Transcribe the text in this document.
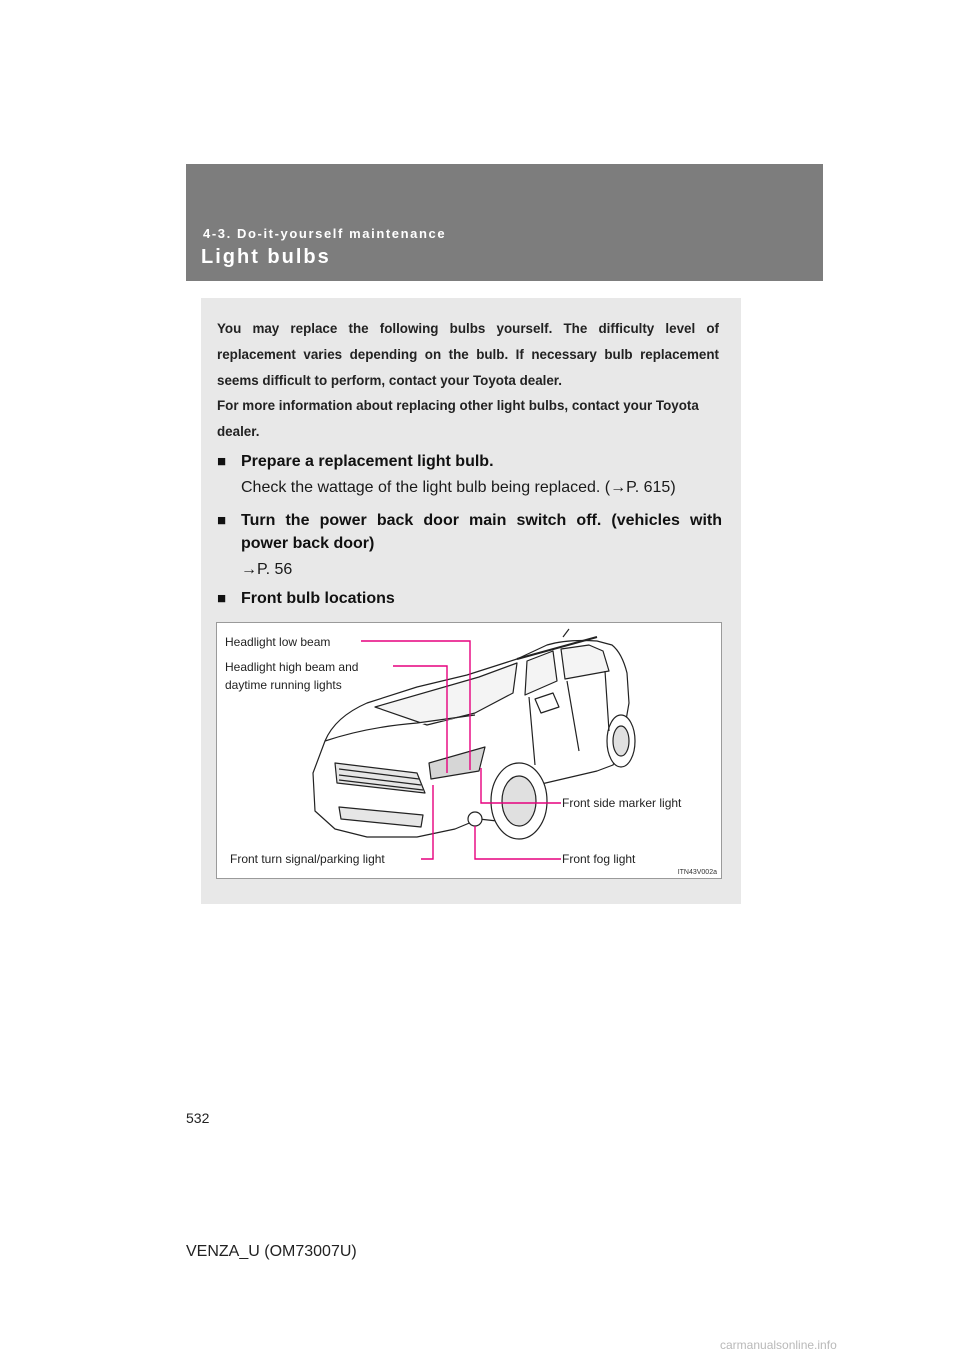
4-3. Do-it-yourself maintenance
Light bulbs
You may replace the following bulbs yourself. The difficulty level of replacement varies depending on the bulb. If necessary bulb replacement seems difficult to perform, contact your Toyota dealer.
For more information about replacing other light bulbs, contact your Toyota dealer.
■ Prepare a replacement light bulb.
Check the wattage of the light bulb being replaced. (→P. 615)
■ Turn the power back door main switch off. (vehicles with power back door)
→P. 56
■ Front bulb locations
Headlight low beam
Headlight high beam and
daytime running lights
Front side marker light
Front turn signal/parking light	Front fog light
ITN43V002a
532
VENZA_U (OM73007U)
carmanualsonline.info
